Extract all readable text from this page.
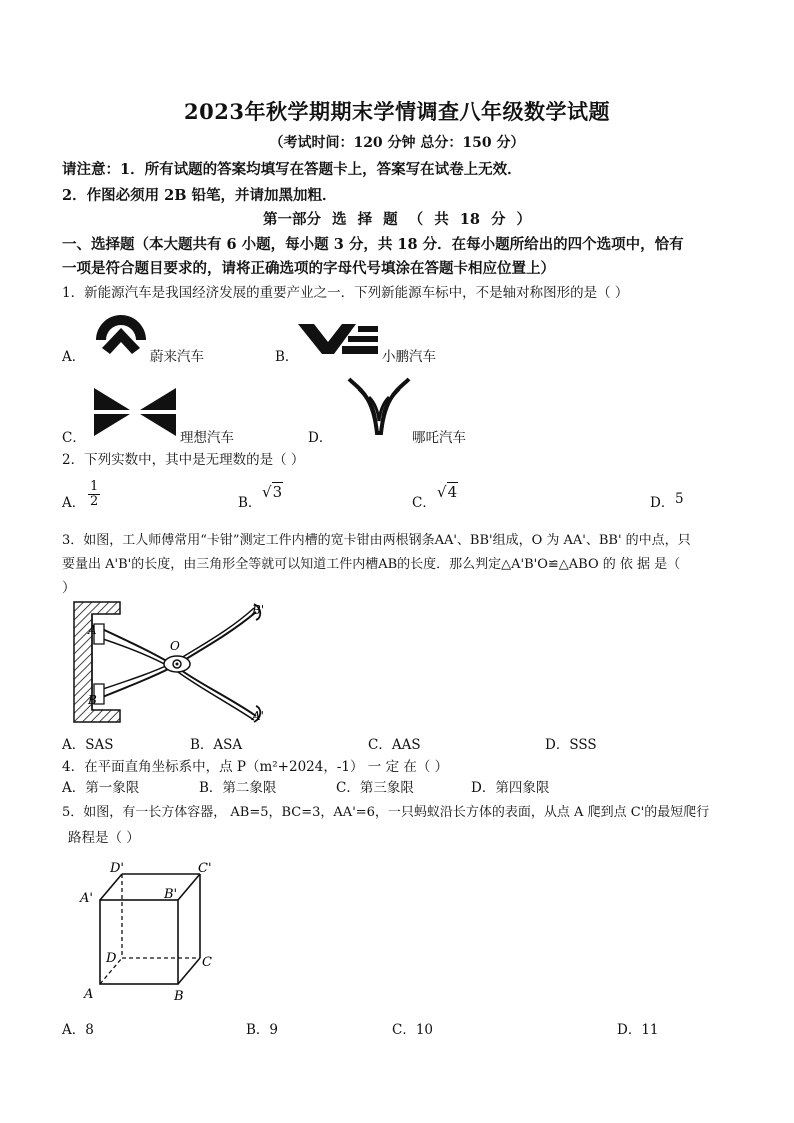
2023年秋学期期末学情调查八年级数学试题
（考试时间：120 分钟 总分：150 分）
请注意：1．所有试题的答案均填写在答题卡上，答案写在试卷上无效．
2．作图必须用 2B 铅笔，并请加黑加粗．
第一部分 选 择 题 （ 共 18 分 ）
一、选择题（本大题共有 6 小题，每小题 3 分，共 18 分．在每小题所给出的四个选项中，恰有
一项是符合题目要求的，请将正确选项的字母代号填涂在答题卡相应位置上）
1．新能源汽车是我国经济发展的重要产业之一．下列新能源车标中，不是轴对称图形的是（ ）
A．	蔚来汽车	B．	小鹏汽车
C．	理想汽车	D．	哪吒汽车
2．下列实数中，其中是无理数的是（ ）
A． $\frac{1}{2}$	B．
√3
C．
√4
D． 5
3．如图，工人师傅常用“卡钳”测定工件内槽的宽卡钳由两根钢条AA'、BB'组成，O 为 AA'、BB' 的中点，只
要量出 A'B'的长度，由三角形全等就可以知道工件内槽AB的长度．那么判定△A'B'O≌△ABO 的 依 据 是（
）
A
B
O
B'
A'
A．SAS	B．ASA	C．AAS	D．SSS
4．在平面直角坐标系中，点 P（m²+2024，-1） 一 定 在（ ）
A．第一象限	B．第二象限	C．第三象限	D．第四象限
5．如图，有一长方体容器， AB=5，BC=3，AA'=6，一只蚂蚁沿长方体的表面，从点 A 爬到点 C'的最短爬行
路程是（ ）
D'	C'
A'	B'
D	C
A	B
A．8	B．9	C．10	D．11
